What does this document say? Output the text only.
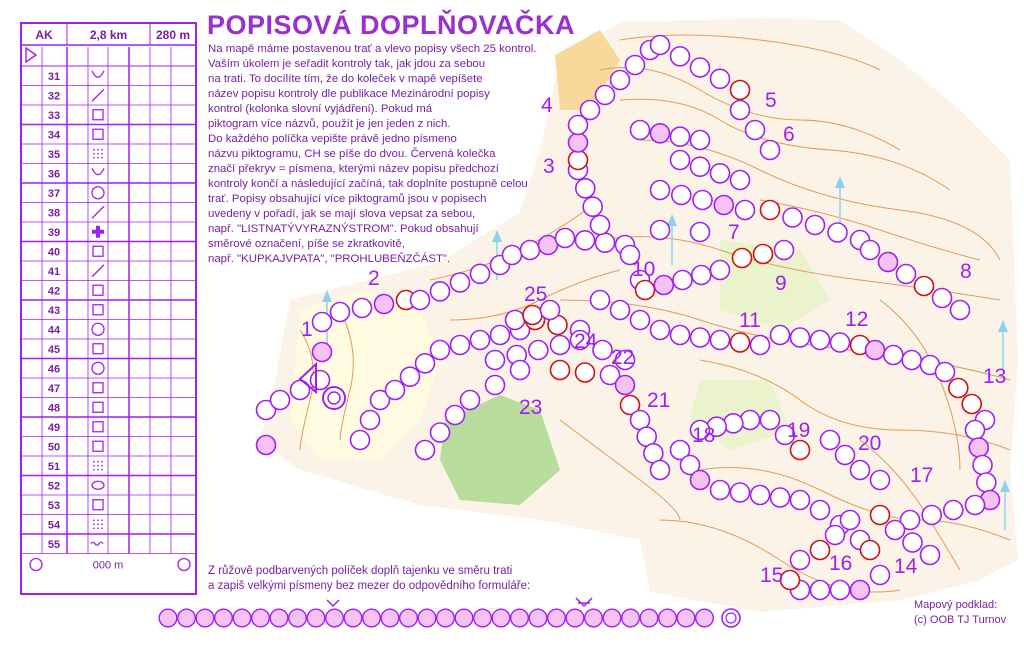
1
2
3
4	5
6
7
8
9
10
11	12
13
14
15
16
17
18	19
20
21
22
23
24
25
AK	2,8 km 280 m
31
32
33
34
35
36
37
38
39
40
41
42
43
44
45
46
47
48
49
50
51
52
53
54
55
000 m
POPISOVÁ DOPLŇOVAČKA

Na mapě máme postavenou trať a vlevo popisy všech 25 kontrol.

Vaším úkolem je seřadit kontroly tak, jak jdou za sebou

na trati. To docílíte tím, že do koleček v mapě vepíšete

název popisu kontroly dle publikace Mezinárodní popisy

kontrol (kolonka slovní vyjádření). Pokud má

piktogram více názvů, použít je jen jeden z nich.

Do každého políčka vepište právě jedno písmeno

názvu piktogramu, CH se píše do dvou. Červená kolečka

značí překryv = písmena, kterými název popisu předchozí

kontroly končí a následující začíná, tak doplníte postupně celou

trať. Popisy obsahující více piktogramů jsou v popisech

uvedeny v pořadí, jak se mají slova vepsat za sebou,

např. "LISTNATÝVYRAZNÝSTROM". Pokud obsahují

směrové označení, píše se zkratkovitě,

např. "KUPKAJVPATA", "PROHLUBEŇZČÁST".

Z růžově podbarvených políček doplň tajenku ve směru trati
a zapiš velkými písmeny bez mezer do odpovědního formuláře:
Mapový podklad:
(c) OOB TJ Turnov
